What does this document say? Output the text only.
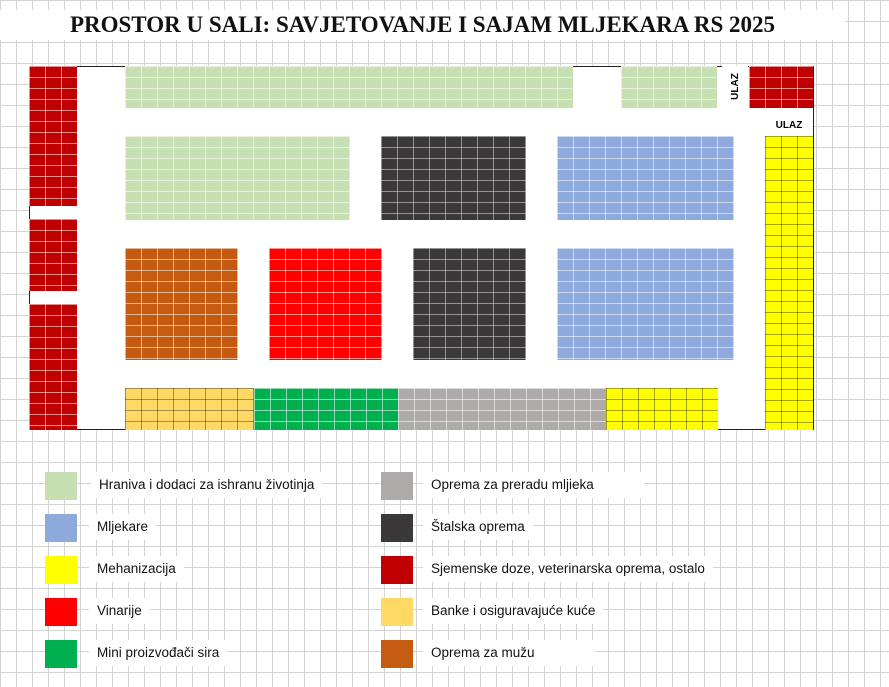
PROSTOR U SALI: SAVJETOVANJE I SAJAM MLJEKARA RS 2025
ULAZ
ULAZ
Hraniva i dodaci za ishranu životinja
Mljekare
Mehanizacija
Vinarije
Mini proizvođači sira
Oprema za preradu mljieka
Štalska oprema
Sjemenske doze, veterinarska oprema, ostalo
Banke i osiguravajuće kuće
Oprema za mužu
